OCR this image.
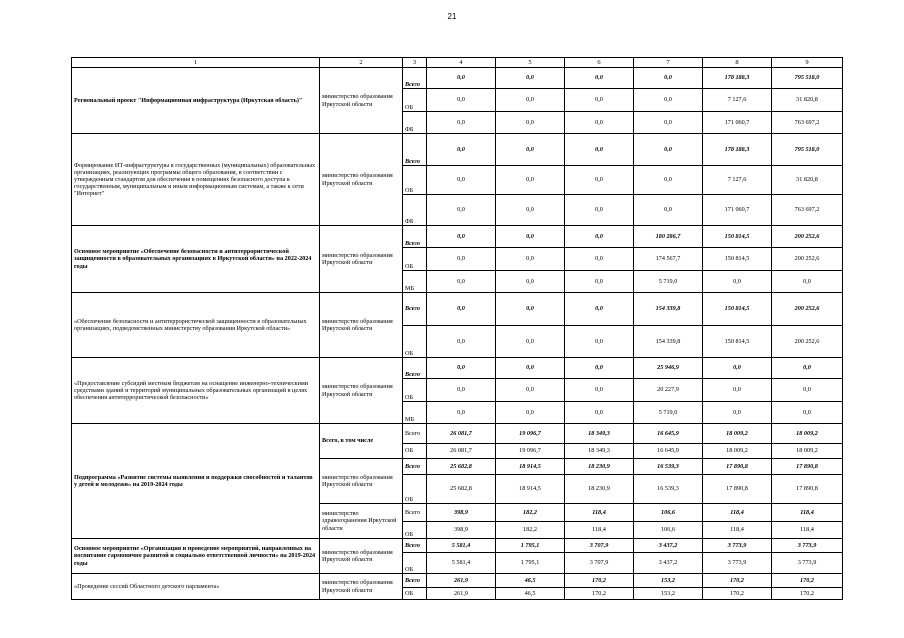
21
1	2	3	4	5	6	7	8	9
Региональный проект "Информационная инфраструктура (Иркутская область)"	министерство образования Иркутской области	Всего	0,0	0,0	0,0	0,0	178 188,3	795 518,0
		ОБ	0,0	0,0	0,0	0,0	7 127,6	31 820,8
		ФБ	0,0	0,0	0,0	0,0	171 060,7	763 697,2
Формирование ИТ-инфраструктуры в государственных (муниципальных) образовательных организациях, реализующих программы общего образования, в соответствии с утвержденным стандартом для обеспечения в помещениях безопасного доступа к государственным, муниципальным и иным информационным системам, а также к сети "Интернет"	министерство образования Иркутской области	Всего	0,0	0,0	0,0	0,0	178 188,3	795 518,0
		ОБ	0,0	0,0	0,0	0,0	7 127,6	31 820,8
		ФБ	0,0	0,0	0,0	0,0	171 060,7	763 697,2
Основное мероприятие «Обеспечение безопасности и антитеррористической защищенности в образовательных организациях в Иркутской области» на 2022-2024 годы	министерство образования Иркутской области	Всего	0,0	0,0	0,0	180 286,7	150 814,5	200 252,6
		ОБ	0,0	0,0	0,0	174 567,7	150 814,5	200 252,6
		МБ	0,0	0,0	0,0	5 719,0	0,0	0,0
«Обеспечение безопасности и антитеррористической защищенности в образовательных организациях, подведомственных министерству образования Иркутской области»	министерство образования Иркутской области	Всего	0,0	0,0	0,0	154 339,8	150 814,5	200 252,6
		ОБ	0,0	0,0	0,0	154 339,8	150 814,5	200 252,6
«Предоставление субсидий местным бюджетам на оснащение инженерно-техническими средствами зданий и территорий муниципальных образовательных организаций в целях обеспечения антитеррористической безопасности»	министерство образования Иркутской области	Всего	0,0	0,0	0,0	25 946,9	0,0	0,0
		ОБ	0,0	0,0	0,0	20 227,9	0,0	0,0
		МБ	0,0	0,0	0,0	5 719,0	0,0	0,0
Подпрограмма «Развитие системы выявления и поддержки способностей и талантов у детей и молодежи» на 2019-2024 годы	Всего, в том числе	Всего	26 081,7	19 096,7	18 349,3	16 645,9	18 009,2	18 009,2
		ОБ	26 081,7	19 096,7	18 349,3	16 645,9	18 009,2	18 009,2
	министерство образования Иркутской области	Всего	25 682,8	18 914,5	18 230,9	16 539,3	17 890,8	17 890,8
		ОБ	25 682,8	18 914,5	18 230,9	16 539,3	17 890,8	17 890,8
	министерство здравоохранения Иркутской области	Всего	398,9	182,2	118,4	106,6	118,4	118,4
		ОБ	398,9	182,2	118,4	106,6	118,4	118,4
Основное мероприятие «Организация и проведение мероприятий, направленных на воспитание гармонично развитой и социально ответственной личности» на 2019-2024 годы	министерство образования Иркутской области	Всего	5 581,4	1 795,1	3 707,9	3 437,2	3 773,9	3 773,9
		ОБ	5 581,4	1 795,1	3 707,9	3 437,2	3 773,9	3 773,9
«Проведение сессий Областного детского парламента»	министерство образования Иркутской области	Всего	261,9	46,5	170,2	153,2	170,2	170,2
		ОБ	261,9	46,5	170,2	153,2	170,2	170,2
